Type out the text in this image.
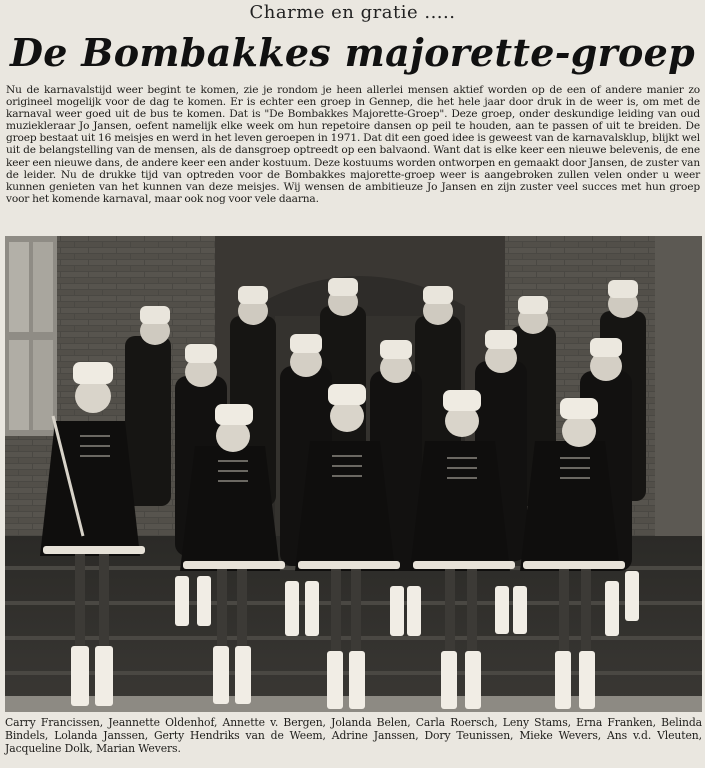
Charme en gratie .....
De Bombakkes majorette-groep
Nu de karnavalstijd weer begint te komen, zie je rondom je heen allerlei mensen aktief worden op de een of andere manier zo origineel mogelijk voor de dag te komen. Er is echter een groep in Gennep, die het hele jaar door druk in de weer is, om met de karnaval weer goed uit de bus te komen. Dat is "De Bombakkes Majorette-Groep". Deze groep, onder deskundige leiding van oud muziekleraar Jo Jansen, oefent namelijk elke week om hun repetoire dansen op peil te houden, aan te passen of uit te breiden. De groep bestaat uit 16 meisjes en werd in het leven geroepen in 1971. Dat dit een goed idee is geweest van de karnavalsklup, blijkt wel uit de belangstelling van de mensen, als de dansgroep optreedt op een balvaond. Want dat is elke keer een nieuwe belevenis, de ene keer een nieuwe dans, de andere keer een ander kostuum. Deze kostuums worden ontworpen en gemaakt door Jansen, de zuster van de leider. Nu de drukke tijd van optreden voor de Bombakkes majorette-groep weer is aangebroken zullen velen onder u weer kunnen genieten van het kunnen van deze meisjes. Wij wensen de ambitieuze Jo Jansen en zijn zuster veel succes met hun groep voor het komende karnaval, maar ook nog voor vele daarna.
Carry Francissen, Jeannette Oldenhof, Annette v. Bergen, Jolanda Belen, Carla Roersch, Leny Stams, Erna Franken, Belinda Bindels, Lolanda Janssen, Gerty Hendriks van de Weem, Adrine Janssen, Dory Teunissen, Mieke Wevers, Ans v.d. Vleuten, Jacqueline Dolk, Marian Wevers.
